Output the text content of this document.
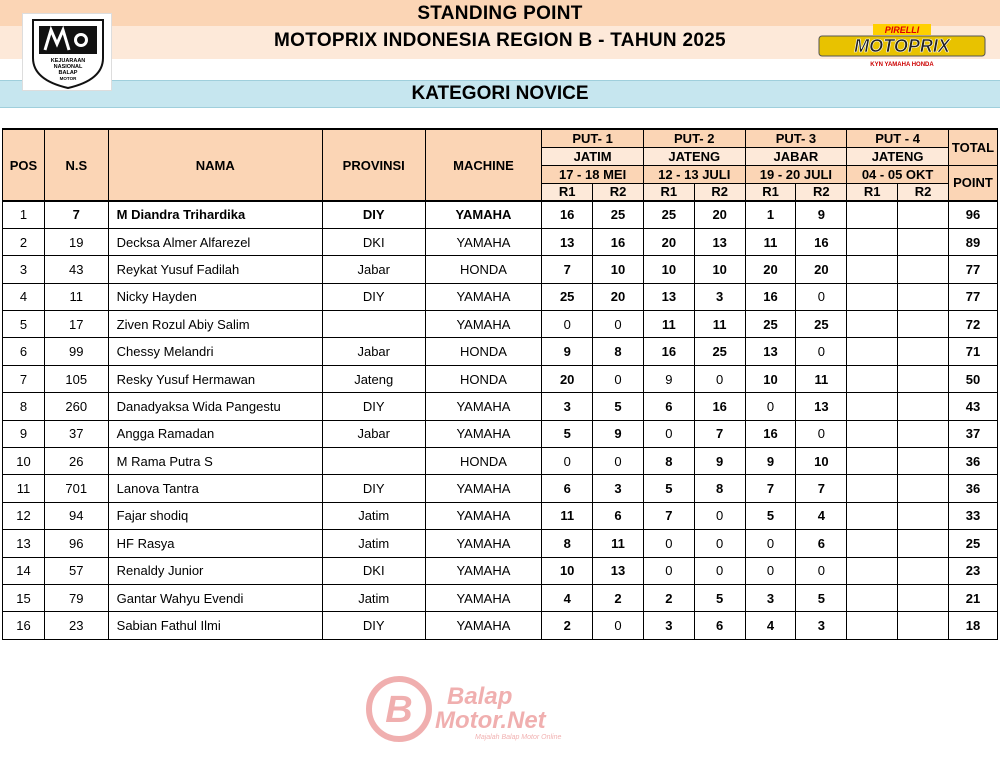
STANDING POINT
MOTOPRIX INDONESIA REGION B - TAHUN 2025
KATEGORI NOVICE
KEJUARAAN
NASIONAL
BALAP
MOTOR
PIRELLI
MOTOPRIX
KYN YAMAHA HONDA
POS	N.S	NAMA	PROVINSI	MACHINE	PUT- 1		PUT- 2		PUT- 3		PUT - 4		TOTAL
					JATIM		JATENG		JABAR		JATENG		
					17 - 18 MEI		12 - 13 JULI		19 - 20 JULI		04 - 05 OKT		POINT
					R1	R2	R1	R2	R1	R2	R1	R2	
1	7	M Diandra Trihardika	DIY	YAMAHA	16	25	25	20	1	9			96
2	19	Decksa Almer Alfarezel	DKI	YAMAHA	13	16	20	13	11	16			89
3	43	Reykat Yusuf Fadilah	Jabar	HONDA	7	10	10	10	20	20			77
4	11	Nicky Hayden	DIY	YAMAHA	25	20	13	3	16	0			77
5	17	Ziven Rozul Abiy Salim		YAMAHA	0	0	11	11	25	25			72
6	99	Chessy Melandri	Jabar	HONDA	9	8	16	25	13	0			71
7	105	Resky Yusuf Hermawan	Jateng	HONDA	20	0	9	0	10	11			50
8	260	Danadyaksa Wida Pangestu	DIY	YAMAHA	3	5	6	16	0	13			43
9	37	Angga Ramadan	Jabar	YAMAHA	5	9	0	7	16	0			37
10	26	M Rama Putra S		HONDA	0	0	8	9	9	10			36
11	701	Lanova Tantra	DIY	YAMAHA	6	3	5	8	7	7			36
12	94	Fajar shodiq	Jatim	YAMAHA	11	6	7	0	5	4			33
13	96	HF Rasya	Jatim	YAMAHA	8	11	0	0	0	6			25
14	57	Renaldy Junior	DKI	YAMAHA	10	13	0	0	0	0			23
15	79	Gantar Wahyu Evendi	Jatim	YAMAHA	4	2	2	5	3	5			21
16	23	Sabian Fathul Ilmi	DIY	YAMAHA	2	0	3	6	4	3			18
B Balap
Motor.Net
Majalah Balap Motor Online
